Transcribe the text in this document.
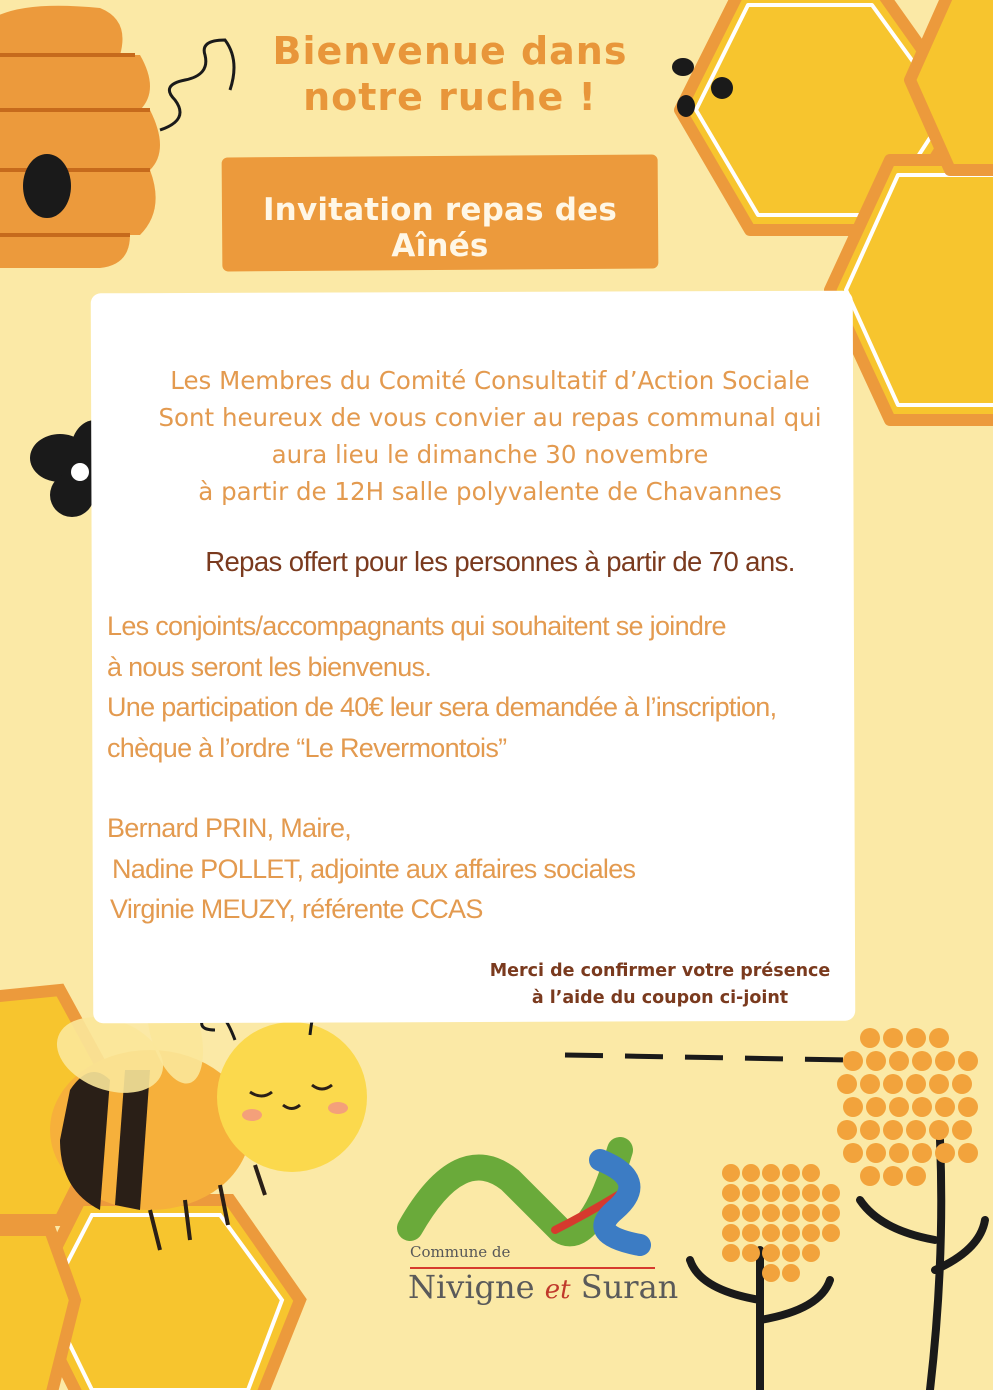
Bienvenue dans
notre ruche !
Invitation repas des Aînés
Les Membres du Comité Consultatif d’Action Sociale
Sont heureux de vous convier au repas communal qui
aura lieu le dimanche 30 novembre
à partir de 12H salle polyvalente de Chavannes
Repas offert pour les personnes à partir de 70 ans.
Les conjoints/accompagnants qui souhaitent se joindre
à nous seront les bienvenus.
Une participation de 40€ leur sera demandée à l’inscription,
chèque à l’ordre “Le Revermontois”
Bernard PRIN, Maire,
Nadine POLLET, adjointe aux affaires sociales
Virginie MEUZY, référente CCAS
Merci de confirmer votre présence
à l’aide du coupon ci-joint
Commune de
Nivigne et Suran
